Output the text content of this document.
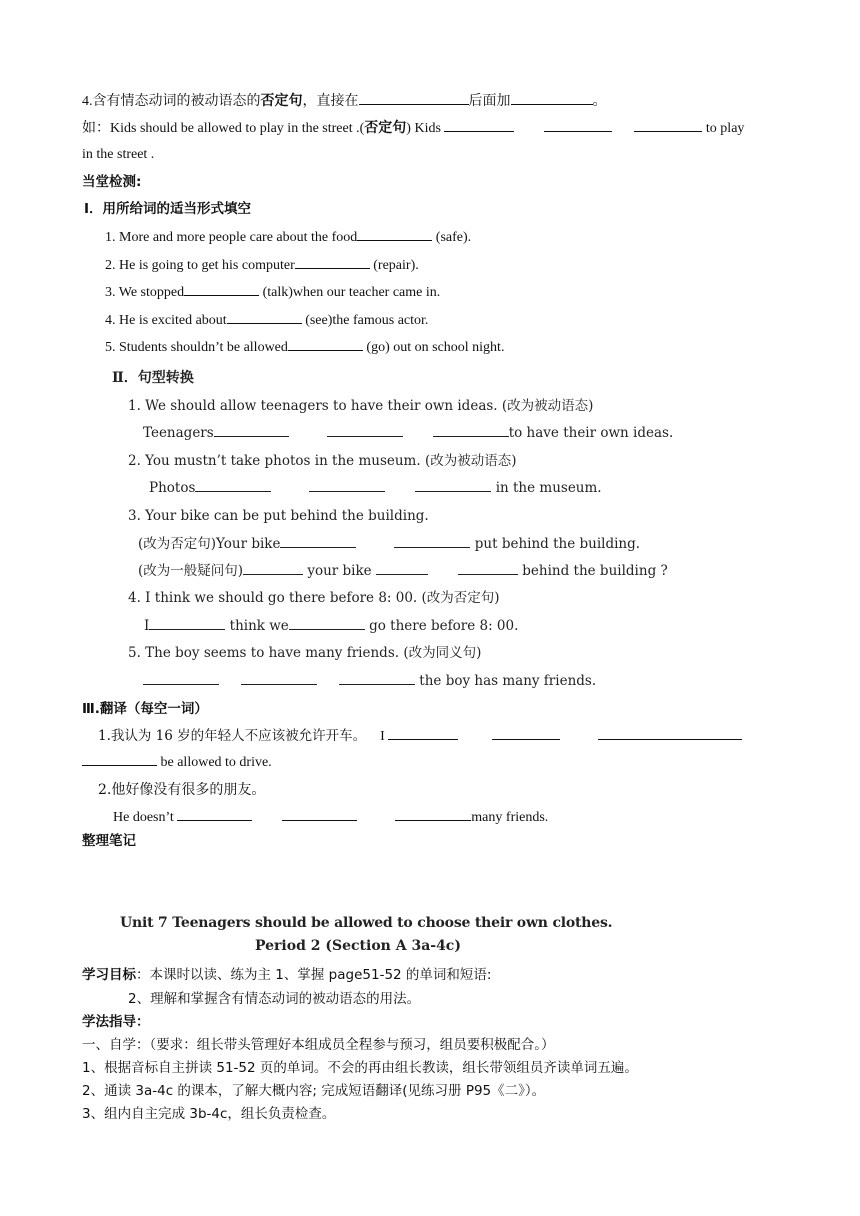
4.含有情态动词的被动语态的否定句，直接在	后面加	。
如：Kids should be allowed to play in the street .(否定句) Kids	to play
in the street .
当堂检测:
Ⅰ．用所给词的适当形式填空
1. More and more people care about the food	(safe).
2. He is going to get his computer	(repair).
3. We stopped	(talk)when our teacher came in.
4. He is excited about	(see)the famous actor.
5. Students shouldn’t be allowed	(go) out on school night.
Ⅱ．句型转换
1. We should allow teenagers to have their own ideas. (改为被动语态)
Teenagers	to have their own ideas.
2. You mustn’t take photos in the museum. (改为被动语态)
Photos	in the museum.
3. Your bike can be put behind the building.
(改为否定句)Your bike	put behind the building.
(改为一般疑问句)	your bike	behind the building ?
4. I think we should go there before 8: 00. (改为否定句)
I	think we	go there before 8: 00.
5. The boy seems to have many friends. (改为同义句)
the boy has many friends.
Ⅲ.翻译（每空一词）
1.我认为 16 岁的年轻人不应该被允许开车。 I
be allowed to drive.
2.他好像没有很多的朋友。
He doesn’t	many friends.
整理笔记
Unit 7 Teenagers should be allowed to choose their own clothes.
Period 2 (Section A 3a-4c)
学习目标：本课时以读、练为主 1、掌握 page51-52 的单词和短语:
2、理解和掌握含有情态动词的被动语态的用法。
学法指导：
一、自学：（要求：组长带头管理好本组成员全程参与预习，组员要积极配合。）
1、根据音标自主拼读 51-52 页的单词。不会的再由组长教读，组长带领组员齐读单词五遍。
2、通读 3a-4c 的课本，了解大概内容; 完成短语翻译(见练习册 P95《二》）。
3、组内自主完成 3b-4c，组长负责检查。
